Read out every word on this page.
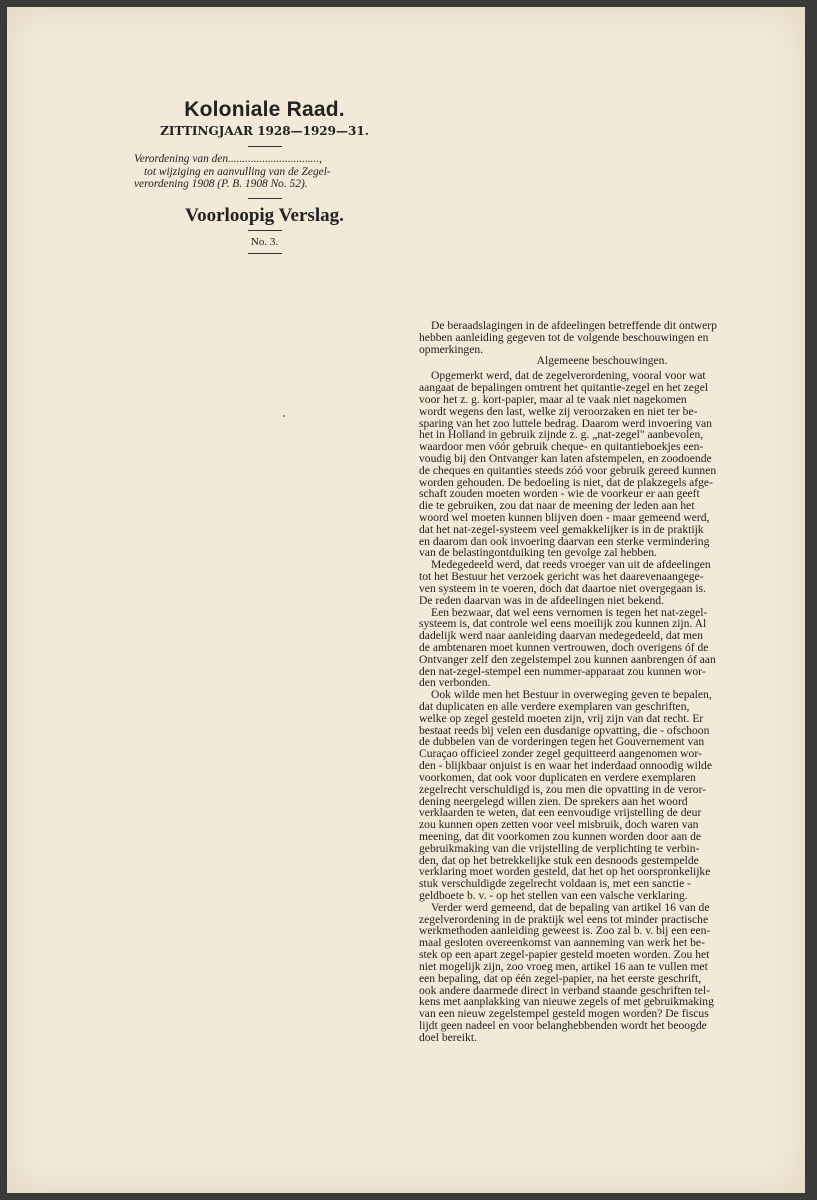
Koloniale Raad.
ZITTINGJAAR 1928—1929—31.
Verordening van den................................,
tot wijziging en aanvulling van de Zegel-
verordening 1908 (P. B. 1908 No. 52).
Voorloopig Verslag.
No. 3.
De beraadslagingen in de afdeelingen betreffende dit ontwerp
hebben aanleiding gegeven tot de volgende beschouwingen en
opmerkingen.
Algemeene beschouwingen.
Opgemerkt werd, dat de zegelverordening, vooral voor wat
aangaat de bepalingen omtrent het quitantie-zegel en het zegel
voor het z. g. kort-papier, maar al te vaak niet nagekomen
wordt wegens den last, welke zij veroorzaken en niet ter be-
sparing van het zoo luttele bedrag. Daarom werd invoering van
het in Holland in gebruik zijnde z. g. „nat-zegel" aanbevolen,
waardoor men vóór gebruik cheque- en quitantieboekjes een-
voudig bij den Ontvanger kan laten afstempelen, en zoodoende
de cheques en quitanties steeds zóó voor gebruik gereed kunnen
worden gehouden. De bedoeling is niet, dat de plakzegels afge-
schaft zouden moeten worden - wie de voorkeur er aan geeft
die te gebruiken, zou dat naar de meening der leden aan het
woord wel moeten kunnen blijven doen - maar gemeend werd,
dat het nat-zegel-systeem veel gemakkelijker is in de praktijk
en daarom dan ook invoering daarvan een sterke vermindering
van de belastingontduiking ten gevolge zal hebben.
Medegedeeld werd, dat reeds vroeger van uit de afdeelingen
tot het Bestuur het verzoek gericht was het daarevenaangege-
ven systeem in te voeren, doch dat daartoe niet overgegaan is.
De reden daarvan was in de afdeelingen niet bekend.
Een bezwaar, dat wel eens vernomen is tegen het nat-zegel-
systeem is, dat controle wel eens moeilijk zou kunnen zijn. Al
dadelijk werd naar aanleiding daarvan medegedeeld, dat men
de ambtenaren moet kunnen vertrouwen, doch overigens óf de
Ontvanger zelf den zegelstempel zou kunnen aanbrengen óf aan
den nat-zegel-stempel een nummer-apparaat zou kunnen wor-
den verbonden.
Ook wilde men het Bestuur in overweging geven te bepalen,
dat duplicaten en alle verdere exemplaren van geschriften,
welke op zegel gesteld moeten zijn, vrij zijn van dat recht. Er
bestaat reeds bij velen een dusdanige opvatting, die - ofschoon
de dubbelen van de vorderingen tegen het Gouvernement van
Curaçao officieel zonder zegel gequitteerd aangenomen wor-
den - blijkbaar onjuist is en waar het inderdaad onnoodig wilde
voorkomen, dat ook voor duplicaten en verdere exemplaren
zegelrecht verschuldigd is, zou men die opvatting in de veror-
dening neergelegd willen zien. De sprekers aan het woord
verklaarden te weten, dat een eenvoudige vrijstelling de deur
zou kunnen open zetten voor veel misbruik, doch waren van
meening, dat dit voorkomen zou kunnen worden door aan de
gebruikmaking van die vrijstelling de verplichting te verbin-
den, dat op het betrekkelijke stuk een desnoods gestempelde
verklaring moet worden gesteld, dat het op het oorspronkelijke
stuk verschuldigde zegelrecht voldaan is, met een sanctie -
geldboete b. v. - op het stellen van een valsche verklaring.
Verder werd gemeend, dat de bepaling van artikel 16 van de
zegelverordening in de praktijk wel eens tot minder practische
werkmethoden aanleiding geweest is. Zoo zal b. v. bij een een-
maal gesloten overeenkomst van aanneming van werk het be-
stek op een apart zegel-papier gesteld moeten worden. Zou het
niet mogelijk zijn, zoo vroeg men, artikel 16 aan te vullen met
een bepaling, dat op één zegel-papier, na het eerste geschrift,
ook andere daarmede direct in verband staande geschriften tel-
kens met aanplakking van nieuwe zegels of met gebruikmaking
van een nieuw zegelstempel gesteld mogen worden? De fiscus
lijdt geen nadeel en voor belanghebbenden wordt het beoogde
doel bereikt.
